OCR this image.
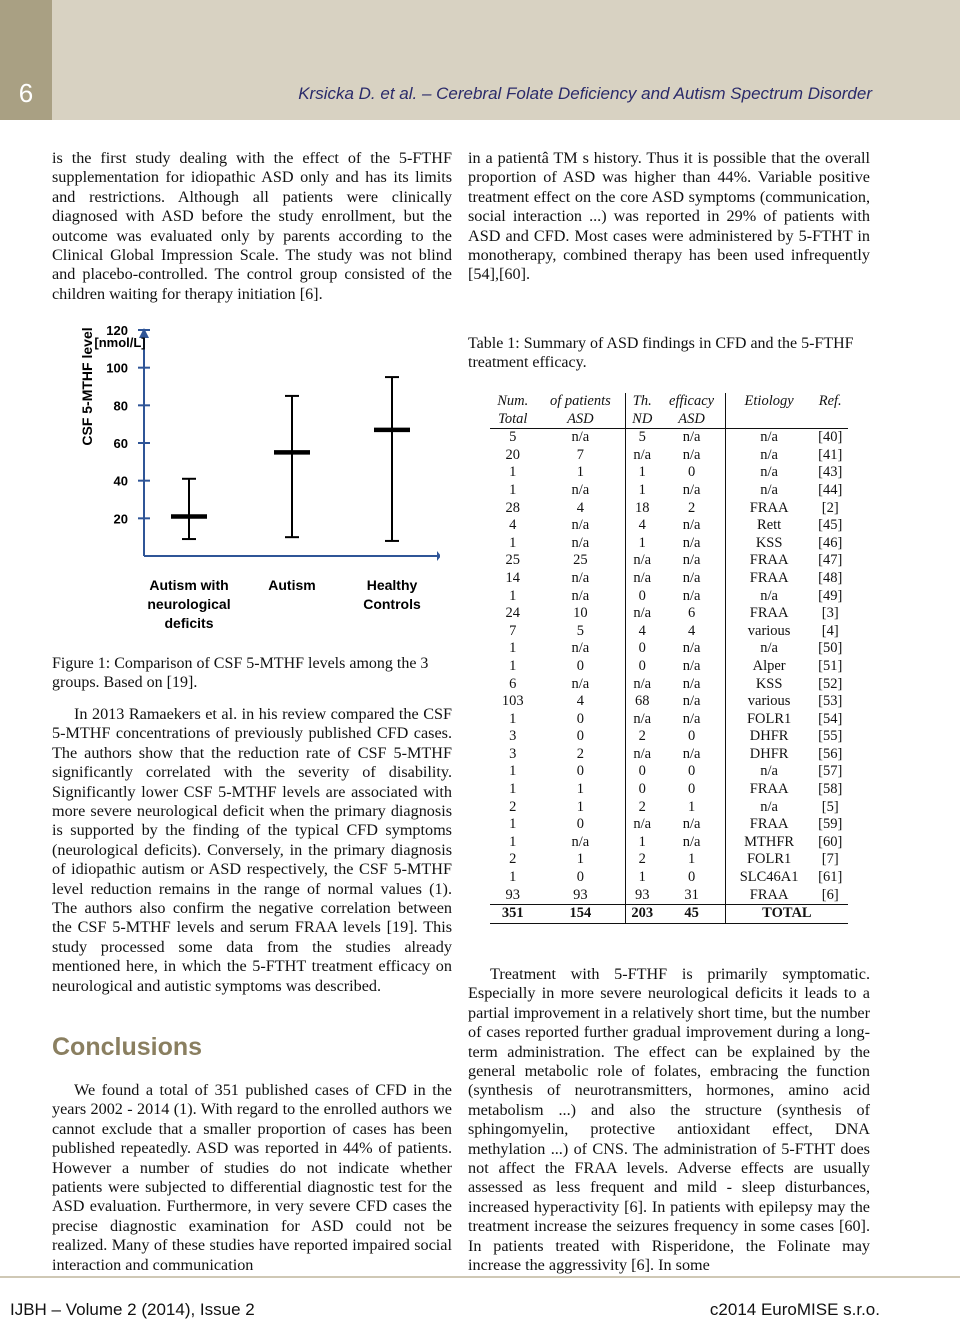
6	Krsicka D. et al. – Cerebral Folate Deficiency and Autism Spectrum Disorder

is the first study dealing with the effect of the 5-FTHF supplementation for idiopathic ASD only and has its limits and restrictions. Although all patients were clinically diagnosed with ASD before the study enrollment, but the outcome was evaluated only by parents according to the Clinical Global Impression Scale. The study was not blind and placebo-controlled. The control group consisted of the children waiting for therapy initiation [6].

in a patientâ TM s history. Thus it is possible that the overall proportion of ASD was higher than 44%. Variable positive treatment effect on the core ASD symptoms (communication, social interaction ...) was reported in 29% of patients with ASD and CFD. Most cases were administered by 5-FTHT in monotherapy, combined therapy has been used infrequently [54],[60].

20
40
60
80
100
120
[nmol/L]
CSF 5-MTHF level
Autism with
neurological
deficits
Autism	Healthy
Controls

Figure 1: Comparison of CSF 5-MTHF levels among the 3 groups. Based on [19].

In 2013 Ramaekers et al. in his review compared the CSF 5-MTHF concentrations of previously published CFD cases. The authors show that the reduction rate of CSF 5-MTHF significantly correlated with the severity of disability. Significantly lower CSF 5-MTHF levels are associated with more severe neurological deficit when the primary diagnosis is supported by the finding of the typical CFD symptoms (neurological deficits). Conversely, in the primary diagnosis of idiopathic autism or ASD respectively, the CSF 5-MTHF level reduction remains in the range of normal values (1). The authors also confirm the negative correlation between the CSF 5-MTHF levels and serum FRAA levels [19]. This study processed some data from the studies already mentioned here, in which the 5-FTHT treatment efficacy on neurological and autistic symptoms was described.

Conclusions

We found a total of 351 published cases of CFD in the years 2002 - 2014 (1). With regard to the enrolled authors we cannot exclude that a smaller proportion of cases has been published repeatedly. ASD was reported in 44% of patients. However a number of studies do not indicate whether patients were subjected to differential diagnostic test for the ASD evaluation. Furthermore, in very severe CFD cases the precise diagnostic examination for ASD could not be realized. Many of these studies have reported impaired social interaction and communication

Table 1: Summary of ASD findings in CFD and the 5-FTHF treatment efficacy.

Num.	of patients	Th.	efficacy	Etiology	Ref.
Total	ASD	ND	ASD		
5	n/a	5	n/a	n/a	[40]
20	7	n/a	n/a	n/a	[41]
1	1	1	0	n/a	[43]
1	n/a	1	n/a	n/a	[44]
28	4	18	2	FRAA	[2]
4	n/a	4	n/a	Rett	[45]
1	n/a	1	n/a	KSS	[46]
25	25	n/a	n/a	FRAA	[47]
14	n/a	n/a	n/a	FRAA	[48]
1	n/a	0	n/a	n/a	[49]
24	10	n/a	6	FRAA	[3]
7	5	4	4	various	[4]
1	n/a	0	n/a	n/a	[50]
1	0	0	n/a	Alper	[51]
6	n/a	n/a	n/a	KSS	[52]
103	4	68	n/a	various	[53]
1	0	n/a	n/a	FOLR1	[54]
3	0	2	0	DHFR	[55]
3	2	n/a	n/a	DHFR	[56]
1	0	0	0	n/a	[57]
1	1	0	0	FRAA	[58]
2	1	2	1	n/a	[5]
1	0	n/a	n/a	FRAA	[59]
1	n/a	1	n/a	MTHFR	[60]
2	1	2	1	FOLR1	[7]
1	0	1	0	SLC46A1	[61]
93	93	93	31	FRAA	[6]
351	154	203	45	TOTAL	

Treatment with 5-FTHF is primarily symptomatic. Especially in more severe neurological deficits it leads to a partial improvement in a relatively short time, but the number of cases reported further gradual improvement during a long-term administration. The effect can be explained by the general metabolic role of folates, embracing the function (synthesis of neurotransmitters, hormones, amino acid metabolism ...) and also the structure (synthesis of sphingomyelin, protective antioxidant effect, DNA methylation ...) of CNS. The administration of 5-FTHT does not affect the FRAA levels. Adverse effects are usually assessed as less frequent and mild - sleep disturbances, increased hyperactivity [6]. In patients with epilepsy may the treatment increase the seizures frequency in some cases [60]. In patients treated with Risperidone, the Folinate may increase the aggressivity [6]. In some

IJBH – Volume 2 (2014), Issue 2	c2014 EuroMISE s.r.o.
